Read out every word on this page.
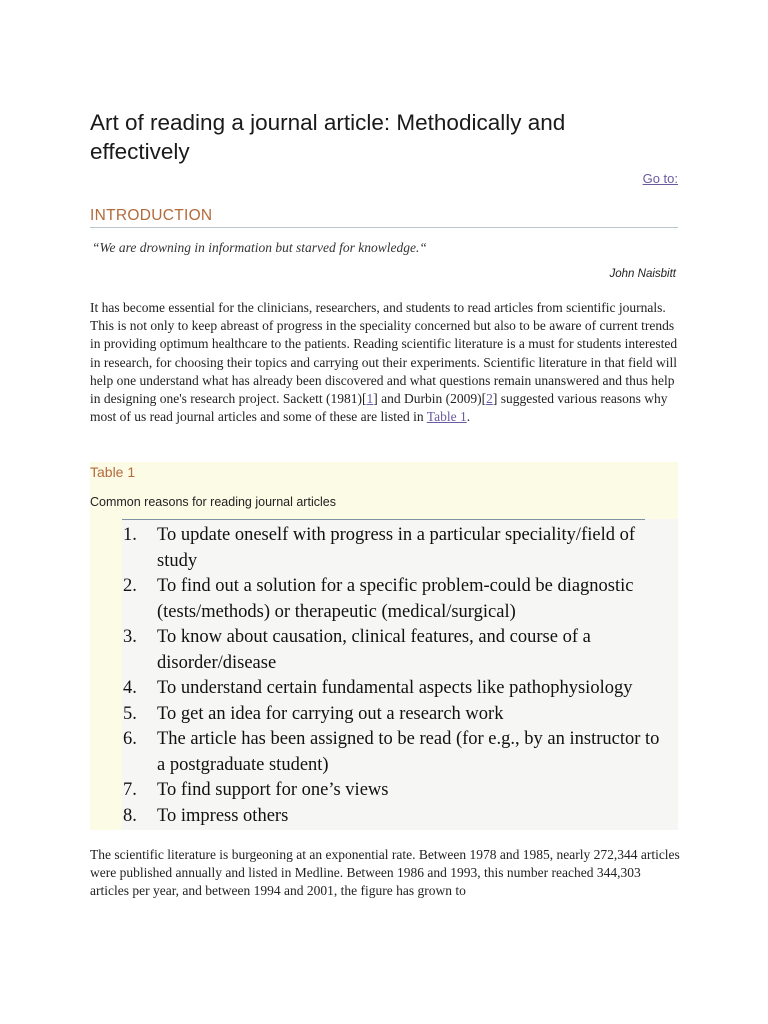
Art of reading a journal article: Methodically and effectively
Go to:
INTRODUCTION
“We are drowning in information but starved for knowledge.“
John Naisbitt

It has become essential for the clinicians, researchers, and students to read articles from scientific journals. This is not only to keep abreast of progress in the speciality concerned but also to be aware of current trends in providing optimum healthcare to the patients. Reading scientific literature is a must for students interested in research, for choosing their topics and carrying out their experiments. Scientific literature in that field will help one understand what has already been discovered and what questions remain unanswered and thus help in designing one's research project. Sackett (1981)[1] and Durbin (2009)[2] suggested various reasons why most of us read journal articles and some of these are listed in Table 1.

Table 1
Common reasons for reading journal articles
1. To update oneself with progress in a particular speciality/field of study
2. To find out a solution for a specific problem-could be diagnostic (tests/methods) or therapeutic (medical/surgical)
3. To know about causation, clinical features, and course of a disorder/disease
4. To understand certain fundamental aspects like pathophysiology
5. To get an idea for carrying out a research work
6. The article has been assigned to be read (for e.g., by an instructor to a postgraduate student)
7. To find support for one’s views
8. To impress others

The scientific literature is burgeoning at an exponential rate. Between 1978 and 1985, nearly 272,344 articles were published annually and listed in Medline. Between 1986 and 1993, this number reached 344,303 articles per year, and between 1994 and 2001, the figure has grown to
